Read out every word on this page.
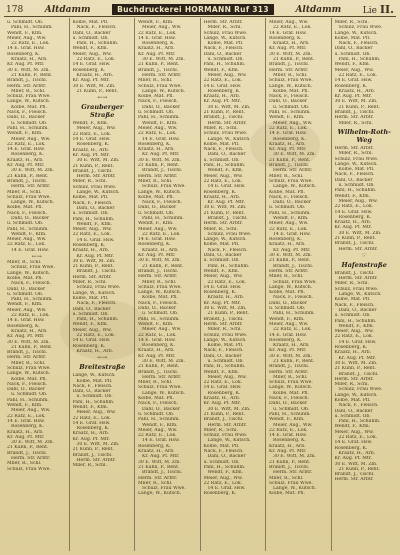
178 Altdamm	Buchdruckerei HORMANN Ruf 313	Altdamm Lie II.
u. Schmidt. Ob.
Pahl, H., Schuhm.
Wendt, F., Kfm.
Meier, Aug., Ww.
22 Ratz, E., Lok.
14 E. Graf. Hsw.
Rosenberg, K.
Kraatz, H., Arb.
Kr. Aug. Pf. Mtr.
30 E. Witt, M. Zm.
21 Kühn, P., Rent.
Brandt, J., Tischl.
Herm. Str. Arbtr.
Mller, R., Schl.
Schulz, Frau Wwe.
Lange, W., Kutsch.
Kolbe, Mat. Pfl.
Nack, F., Fleisch.
Dahl, O., Bäcker
u. Schmidt. Ob.
Pahl, H., Schuhm.
Wendt, F., Kfm.
Meier, Aug., Ww.
22 Ratz, E., Lok.
14 E. Graf. Hsw.
Rosenberg, K.
Kraatz, H., Arb.
Kr. Aug. Pf. Mtr.
30 E. Witt, M. Zm.
21 Kühn, P., Rent.
Brandt, J., Tischl.
Herm. Str. Arbtr.
Mller, R., Schl.
Schulz, Frau Wwe.
Lange, W., Kutsch.
Kolbe, Mat. Pfl.
Nack, F., Fleisch.
Dahl, O., Bäcker
u. Schmidt. Ob.
Pahl, H., Schuhm.
Wendt, F., Kfm.
Meier, Aug., Ww.
22 Ratz, E., Lok.
14 E. Graf. Hsw.
←→
Mller, R., Schl.
Schulz, Frau Wwe.
Lange, W., Kutsch.
Kolbe, Mat. Pfl.
Nack, F., Fleisch.
Dahl, O., Bäcker
u. Schmidt. Ob.
Pahl, H., Schuhm.
Wendt, F., Kfm.
Meier, Aug., Ww.
22 Ratz, E., Lok.
14 E. Graf. Hsw.
Rosenberg, K.
Kraatz, H., Arb.
Kr. Aug. Pf. Mtr.
30 E. Witt, M. Zm.
21 Kühn, P., Rent.
Brandt, J., Tischl.
Herm. Str. Arbtr.
Mller, R., Schl.
Schulz, Frau Wwe.
Lange, W., Kutsch.
Kolbe, Mat. Pfl.
Nack, F., Fleisch.
Dahl, O., Bäcker
u. Schmidt. Ob.
Pahl, H., Schuhm.
Wendt, F., Kfm.
Meier, Aug., Ww.
22 Ratz, E., Lok.
14 E. Graf. Hsw.
Rosenberg, K.
Kraatz, H., Arb.
Kr. Aug. Pf. Mtr.
30 E. Witt, M. Zm.
21 Kühn, P., Rent.
Brandt, J., Tischl.
Herm. Str. Arbtr.
Mller, R., Schl.
Schulz, Frau Wwe.
Kolbe, Mat. Pfl.
Nack, F., Fleisch.
Dahl, O., Bäcker
u. Schmidt. Ob.
Pahl, H., Schuhm.
Wendt, F., Kfm.
Meier, Aug., Ww.
22 Ratz, E., Lok.
14 E. Graf. Hsw.
Rosenberg, K.
Kraatz, H., Arb.
Kr. Aug. Pf. Mtr.
30 E. Witt, M. Zm.
21 Kühn, P., Rent.
←→
Grauberger Straße
Wendt, F., Kfm.
Meier, Aug., Ww.
22 Ratz, E., Lok.
14 E. Graf. Hsw.
Rosenberg, K.
Kraatz, H., Arb.
Kr. Aug. Pf. Mtr.
30 E. Witt, M. Zm.
21 Kühn, P., Rent.
Brandt, J., Tischl.
Herm. Str. Arbtr.
Mller, R., Schl.
Schulz, Frau Wwe.
Lange, W., Kutsch.
Kolbe, Mat. Pfl.
Nack, F., Fleisch.
Dahl, O., Bäcker
u. Schmidt. Ob.
Pahl, H., Schuhm.
Wendt, F., Kfm.
Meier, Aug., Ww.
22 Ratz, E., Lok.
14 E. Graf. Hsw.
Rosenberg, K.
Kraatz, H., Arb.
Kr. Aug. Pf. Mtr.
30 E. Witt, M. Zm.
21 Kühn, P., Rent.
Brandt, J., Tischl.
Herm. Str. Arbtr.
Mller, R., Schl.
Schulz, Frau Wwe.
Lange, W., Kutsch.
Kolbe, Mat. Pfl.
Nack, F., Fleisch.
Dahl, O., Bäcker
u. Schmidt. Ob.
Pahl, H., Schuhm.
Wendt, F., Kfm.
Meier, Aug., Ww.
22 Ratz, E., Lok.
14 E. Graf. Hsw.
Rosenberg, K.
Kraatz, H., Arb.
←→
Breitestraße
Lange, W., Kutsch.
Kolbe, Mat. Pfl.
Nack, F., Fleisch.
Dahl, O., Bäcker
u. Schmidt. Ob.
Pahl, H., Schuhm.
Wendt, F., Kfm.
Meier, Aug., Ww.
22 Ratz, E., Lok.
14 E. Graf. Hsw.
Rosenberg, K.
Kraatz, H., Arb.
Kr. Aug. Pf. Mtr.
30 E. Witt, M. Zm.
21 Kühn, P., Rent.
Brandt, J., Tischl.
Herm. Str. Arbtr.
Mller, R., Schl.
Wendt, F., Kfm.
Meier, Aug., Ww.
22 Ratz, E., Lok.
14 E. Graf. Hsw.
Rosenberg, K.
Kraatz, H., Arb.
Kr. Aug. Pf. Mtr.
30 E. Witt, M. Zm.
21 Kühn, P., Rent.
Brandt, J., Tischl.
Herm. Str. Arbtr.
Mller, R., Schl.
Schulz, Frau Wwe.
Lange, W., Kutsch.
Kolbe, Mat. Pfl.
Nack, F., Fleisch.
Dahl, O., Bäcker
u. Schmidt. Ob.
Pahl, H., Schuhm.
Wendt, F., Kfm.
Meier, Aug., Ww.
22 Ratz, E., Lok.
14 E. Graf. Hsw.
Rosenberg, K.
Kraatz, H., Arb.
Kr. Aug. Pf. Mtr.
30 E. Witt, M. Zm.
21 Kühn, P., Rent.
Brandt, J., Tischl.
Herm. Str. Arbtr.
Mller, R., Schl.
Schulz, Frau Wwe.
Lange, W., Kutsch.
Kolbe, Mat. Pfl.
Nack, F., Fleisch.
Dahl, O., Bäcker
u. Schmidt. Ob.
Pahl, H., Schuhm.
Wendt, F., Kfm.
Meier, Aug., Ww.
22 Ratz, E., Lok.
14 E. Graf. Hsw.
Rosenberg, K.
Kraatz, H., Arb.
Kr. Aug. Pf. Mtr.
30 E. Witt, M. Zm.
21 Kühn, P., Rent.
Brandt, J., Tischl.
Herm. Str. Arbtr.
Mller, R., Schl.
Schulz, Frau Wwe.
Lange, W., Kutsch.
Kolbe, Mat. Pfl.
Nack, F., Fleisch.
Dahl, O., Bäcker
u. Schmidt. Ob.
Pahl, H., Schuhm.
Wendt, F., Kfm.
Meier, Aug., Ww.
22 Ratz, E., Lok.
14 E. Graf. Hsw.
Rosenberg, K.
Kraatz, H., Arb.
Kr. Aug. Pf. Mtr.
30 E. Witt, M. Zm.
21 Kühn, P., Rent.
Brandt, J., Tischl.
Herm. Str. Arbtr.
Mller, R., Schl.
Schulz, Frau Wwe.
Lange, W., Kutsch.
Kolbe, Mat. Pfl.
Nack, F., Fleisch.
Dahl, O., Bäcker
u. Schmidt. Ob.
Pahl, H., Schuhm.
Wendt, F., Kfm.
Meier, Aug., Ww.
22 Ratz, E., Lok.
14 E. Graf. Hsw.
Rosenberg, K.
Kraatz, H., Arb.
Kr. Aug. Pf. Mtr.
30 E. Witt, M. Zm.
21 Kühn, P., Rent.
Brandt, J., Tischl.
Herm. Str. Arbtr.
Mller, R., Schl.
Schulz, Frau Wwe.
Lange, W., Kutsch.
Herm. Str. Arbtr.
Mller, R., Schl.
Schulz, Frau Wwe.
Lange, W., Kutsch.
Kolbe, Mat. Pfl.
Nack, F., Fleisch.
Dahl, O., Bäcker
u. Schmidt. Ob.
Pahl, H., Schuhm.
Wendt, F., Kfm.
Meier, Aug., Ww.
22 Ratz, E., Lok.
14 E. Graf. Hsw.
Rosenberg, K.
Kraatz, H., Arb.
Kr. Aug. Pf. Mtr.
30 E. Witt, M. Zm.
21 Kühn, P., Rent.
Brandt, J., Tischl.
Herm. Str. Arbtr.
Mller, R., Schl.
Schulz, Frau Wwe.
Lange, W., Kutsch.
Kolbe, Mat. Pfl.
Nack, F., Fleisch.
Dahl, O., Bäcker
u. Schmidt. Ob.
Pahl, H., Schuhm.
Wendt, F., Kfm.
Meier, Aug., Ww.
22 Ratz, E., Lok.
14 E. Graf. Hsw.
Rosenberg, K.
Kraatz, H., Arb.
Kr. Aug. Pf. Mtr.
30 E. Witt, M. Zm.
21 Kühn, P., Rent.
Brandt, J., Tischl.
Herm. Str. Arbtr.
Mller, R., Schl.
Schulz, Frau Wwe.
Lange, W., Kutsch.
Kolbe, Mat. Pfl.
Nack, F., Fleisch.
Dahl, O., Bäcker
u. Schmidt. Ob.
Pahl, H., Schuhm.
Wendt, F., Kfm.
Meier, Aug., Ww.
22 Ratz, E., Lok.
14 E. Graf. Hsw.
Rosenberg, K.
Kraatz, H., Arb.
Kr. Aug. Pf. Mtr.
30 E. Witt, M. Zm.
21 Kühn, P., Rent.
Brandt, J., Tischl.
Herm. Str. Arbtr.
Mller, R., Schl.
Schulz, Frau Wwe.
Lange, W., Kutsch.
Kolbe, Mat. Pfl.
Nack, F., Fleisch.
Dahl, O., Bäcker
u. Schmidt. Ob.
Pahl, H., Schuhm.
Wendt, F., Kfm.
Meier, Aug., Ww.
22 Ratz, E., Lok.
14 E. Graf. Hsw.
Rosenberg, K.
Kraatz, H., Arb.
Kr. Aug. Pf. Mtr.
30 E. Witt, M. Zm.
21 Kühn, P., Rent.
Brandt, J., Tischl.
Herm. Str. Arbtr.
Mller, R., Schl.
Schulz, Frau Wwe.
Lange, W., Kutsch.
Kolbe, Mat. Pfl.
Nack, F., Fleisch.
Dahl, O., Bäcker
u. Schmidt. Ob.
Pahl, H., Schuhm.
Wendt, F., Kfm.
Meier, Aug., Ww.
22 Ratz, E., Lok.
14 E. Graf. Hsw.
Rosenberg, K.
Meier, Aug., Ww.
22 Ratz, E., Lok.
14 E. Graf. Hsw.
Rosenberg, K.
Kraatz, H., Arb.
Kr. Aug. Pf. Mtr.
30 E. Witt, M. Zm.
21 Kühn, P., Rent.
Brandt, J., Tischl.
Herm. Str. Arbtr.
Mller, R., Schl.
Schulz, Frau Wwe.
Lange, W., Kutsch.
Kolbe, Mat. Pfl.
Nack, F., Fleisch.
Dahl, O., Bäcker
u. Schmidt. Ob.
Pahl, H., Schuhm.
Wendt, F., Kfm.
Meier, Aug., Ww.
22 Ratz, E., Lok.
14 E. Graf. Hsw.
Rosenberg, K.
Kraatz, H., Arb.
Kr. Aug. Pf. Mtr.
30 E. Witt, M. Zm.
21 Kühn, P., Rent.
Brandt, J., Tischl.
Herm. Str. Arbtr.
Mller, R., Schl.
Schulz, Frau Wwe.
Lange, W., Kutsch.
Kolbe, Mat. Pfl.
Nack, F., Fleisch.
Dahl, O., Bäcker
u. Schmidt. Ob.
Pahl, H., Schuhm.
Wendt, F., Kfm.
Meier, Aug., Ww.
22 Ratz, E., Lok.
14 E. Graf. Hsw.
Rosenberg, K.
Kraatz, H., Arb.
Kr. Aug. Pf. Mtr.
30 E. Witt, M. Zm.
21 Kühn, P., Rent.
Brandt, J., Tischl.
Herm. Str. Arbtr.
Mller, R., Schl.
Schulz, Frau Wwe.
Lange, W., Kutsch.
Kolbe, Mat. Pfl.
Nack, F., Fleisch.
Dahl, O., Bäcker
u. Schmidt. Ob.
Pahl, H., Schuhm.
Wendt, F., Kfm.
Meier, Aug., Ww.
22 Ratz, E., Lok.
14 E. Graf. Hsw.
Rosenberg, K.
Kraatz, H., Arb.
Kr. Aug. Pf. Mtr.
30 E. Witt, M. Zm.
21 Kühn, P., Rent.
Brandt, J., Tischl.
Herm. Str. Arbtr.
Mller, R., Schl.
Schulz, Frau Wwe.
Lange, W., Kutsch.
Kolbe, Mat. Pfl.
Nack, F., Fleisch.
Dahl, O., Bäcker
u. Schmidt. Ob.
Pahl, H., Schuhm.
Wendt, F., Kfm.
Meier, Aug., Ww.
22 Ratz, E., Lok.
14 E. Graf. Hsw.
Rosenberg, K.
Kraatz, H., Arb.
Kr. Aug. Pf. Mtr.
30 E. Witt, M. Zm.
21 Kühn, P., Rent.
Brandt, J., Tischl.
Herm. Str. Arbtr.
Mller, R., Schl.
Schulz, Frau Wwe.
Lange, W., Kutsch.
Kolbe, Mat. Pfl.
Mller, R., Schl.
Schulz, Frau Wwe.
Lange, W., Kutsch.
Kolbe, Mat. Pfl.
Nack, F., Fleisch.
Dahl, O., Bäcker
u. Schmidt. Ob.
Pahl, H., Schuhm.
Wendt, F., Kfm.
Meier, Aug., Ww.
22 Ratz, E., Lok.
14 E. Graf. Hsw.
Rosenberg, K.
Kraatz, H., Arb.
Kr. Aug. Pf. Mtr.
30 E. Witt, M. Zm.
21 Kühn, P., Rent.
Brandt, J., Tischl.
Herm. Str. Arbtr.
Mller, R., Schl.
Wilhelm-Roth-Weg
Herm. Str. Arbtr.
Mller, R., Schl.
Schulz, Frau Wwe.
Lange, W., Kutsch.
Kolbe, Mat. Pfl.
Nack, F., Fleisch.
Dahl, O., Bäcker
u. Schmidt. Ob.
Pahl, H., Schuhm.
Wendt, F., Kfm.
Meier, Aug., Ww.
22 Ratz, E., Lok.
14 E. Graf. Hsw.
Rosenberg, K.
Kraatz, H., Arb.
Kr. Aug. Pf. Mtr.
30 E. Witt, M. Zm.
21 Kühn, P., Rent.
Brandt, J., Tischl.
Herm. Str. Arbtr.
☞
Hafenstraße
Brandt, J., Tischl.
Herm. Str. Arbtr.
Mller, R., Schl.
Schulz, Frau Wwe.
Lange, W., Kutsch.
Kolbe, Mat. Pfl.
Nack, F., Fleisch.
Dahl, O., Bäcker
u. Schmidt. Ob.
Pahl, H., Schuhm.
Wendt, F., Kfm.
Meier, Aug., Ww.
22 Ratz, E., Lok.
14 E. Graf. Hsw.
Rosenberg, K.
Kraatz, H., Arb.
Kr. Aug. Pf. Mtr.
30 E. Witt, M. Zm.
21 Kühn, P., Rent.
Brandt, J., Tischl.
Herm. Str. Arbtr.
Mller, R., Schl.
Schulz, Frau Wwe.
Lange, W., Kutsch.
Kolbe, Mat. Pfl.
Nack, F., Fleisch.
Dahl, O., Bäcker
u. Schmidt. Ob.
Pahl, H., Schuhm.
Wendt, F., Kfm.
Meier, Aug., Ww.
22 Ratz, E., Lok.
14 E. Graf. Hsw.
Rosenberg, K.
Kraatz, H., Arb.
Kr. Aug. Pf. Mtr.
30 E. Witt, M. Zm.
21 Kühn, P., Rent.
Brandt, J., Tischl.
Herm. Str. Arbtr.
